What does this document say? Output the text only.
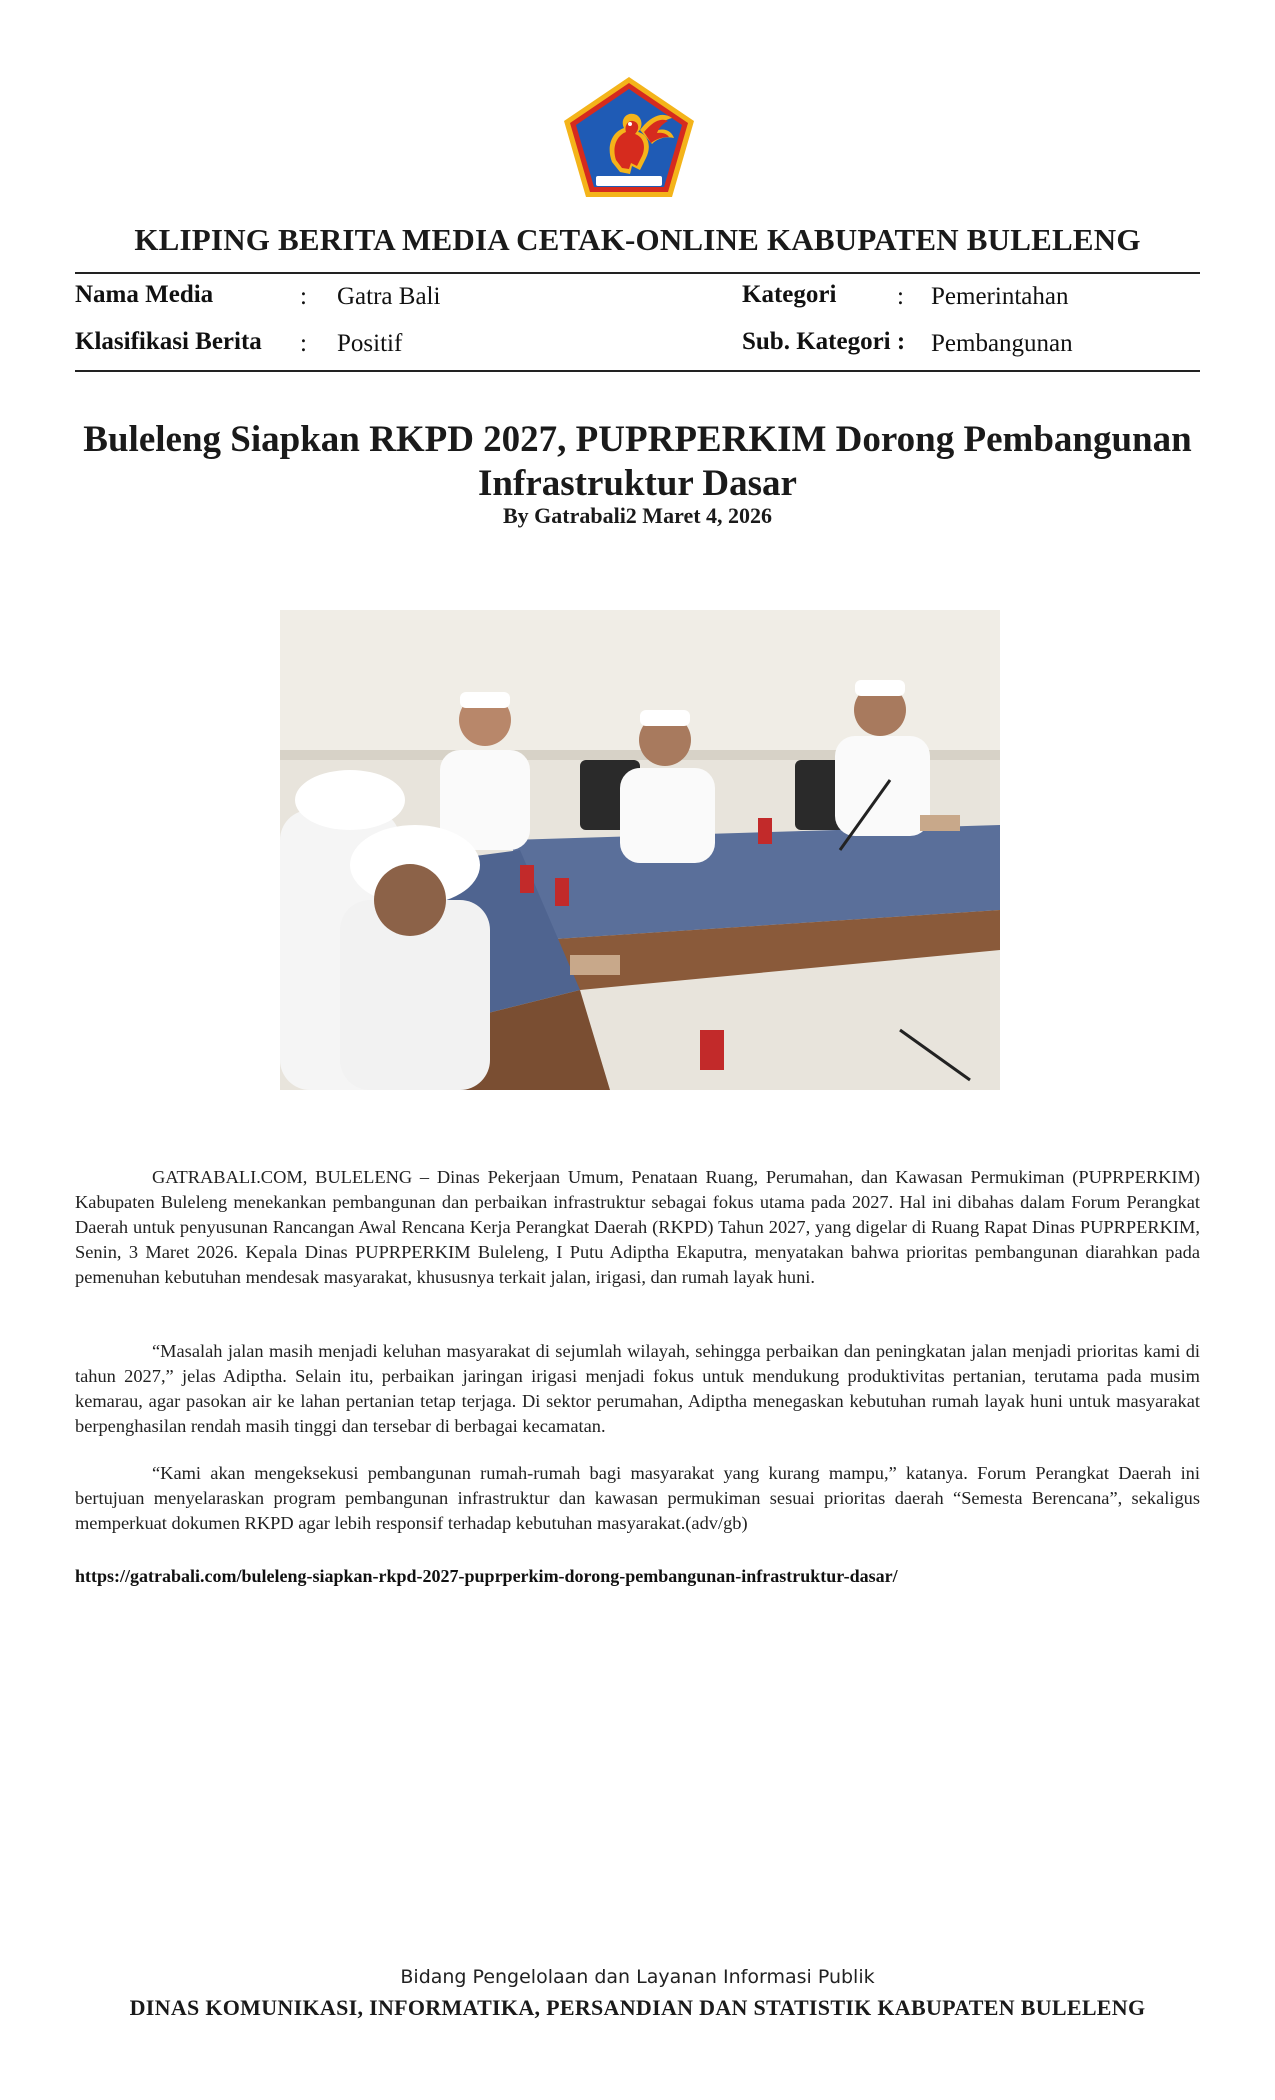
KLIPING BERITA MEDIA CETAK-ONLINE KABUPATEN BULELENG
Nama Media	: Gatra Bali	Kategori : Pemerintahan
Klasifikasi Berita : Positif	Sub. Kategori : Pembangunan
Buleleng Siapkan RKPD 2027, PUPRPERKIM Dorong Pembangunan Infrastruktur Dasar
By Gatrabali2 Maret 4, 2026

GATRABALI.COM, BULELENG – Dinas Pekerjaan Umum, Penataan Ruang, Perumahan, dan Kawasan Permukiman (PUPRPERKIM) Kabupaten Buleleng menekankan pembangunan dan perbaikan infrastruktur sebagai fokus utama pada 2027. Hal ini dibahas dalam Forum Perangkat Daerah untuk penyusunan Rancangan Awal Rencana Kerja Perangkat Daerah (RKPD) Tahun 2027, yang digelar di Ruang Rapat Dinas PUPRPERKIM, Senin, 3 Maret 2026. Kepala Dinas PUPRPERKIM Buleleng, I Putu Adiptha Ekaputra, menyatakan bahwa prioritas pembangunan diarahkan pada pemenuhan kebutuhan mendesak masyarakat, khususnya terkait jalan, irigasi, dan rumah layak huni.

“Masalah jalan masih menjadi keluhan masyarakat di sejumlah wilayah, sehingga perbaikan dan peningkatan jalan menjadi prioritas kami di tahun 2027,” jelas Adiptha. Selain itu, perbaikan jaringan irigasi menjadi fokus untuk mendukung produktivitas pertanian, terutama pada musim kemarau, agar pasokan air ke lahan pertanian tetap terjaga. Di sektor perumahan, Adiptha menegaskan kebutuhan rumah layak huni untuk masyarakat berpenghasilan rendah masih tinggi dan tersebar di berbagai kecamatan.

“Kami akan mengeksekusi pembangunan rumah-rumah bagi masyarakat yang kurang mampu,” katanya. Forum Perangkat Daerah ini bertujuan menyelaraskan program pembangunan infrastruktur dan kawasan permukiman sesuai prioritas daerah “Semesta Berencana”, sekaligus memperkuat dokumen RKPD agar lebih responsif terhadap kebutuhan masyarakat.(adv/gb)

https://gatrabali.com/buleleng-siapkan-rkpd-2027-puprperkim-dorong-pembangunan-infrastruktur-dasar/
Bidang Pengelolaan dan Layanan Informasi Publik
DINAS KOMUNIKASI, INFORMATIKA, PERSANDIAN DAN STATISTIK KABUPATEN BULELENG
